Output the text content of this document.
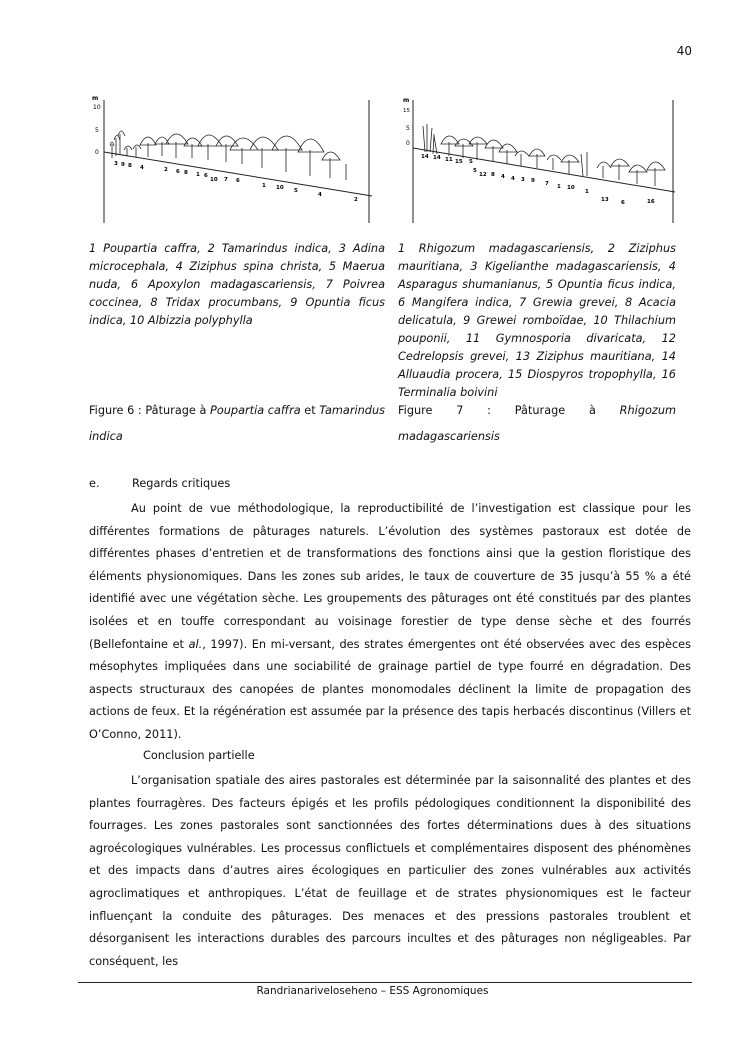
40
m
10
5
0
3 9 8 4	2 6 8 1 6
10 7 6
1 10 5
4
2
m
15
5
0
14 14 11 15 5
5
12 8 4 4 3 9 7 1 10
1
13 6	16
1 Poupartia caffra, 2 Tamarindus indica, 3 Adina microcephala, 4 Ziziphus spina christa, 5 Maerua nuda, 6 Apoxylon madagascariensis, 7 Poivrea coccinea, 8 Tridax procumbans, 9 Opuntia ficus indica, 10 Albizzia polyphylla
1 Rhigozum madagascariensis, 2 Ziziphus mauritiana, 3 Kigelianthe madagascariensis, 4 Asparagus shumanianus, 5 Opuntia ficus indica, 6 Mangifera indica, 7 Grewia grevei, 8 Acacia delicatula, 9 Grewei romboïdae, 10 Thilachium pouponii, 11 Gymnosporia divaricata, 12 Cedrelopsis grevei, 13 Ziziphus mauritiana, 14 Alluaudia procera, 15 Diospyros tropophylla, 16 Terminalia boivini
Figure 6 : Pâturage à Poupartia caffra et Tamarindus indica
Figure 7 : Pâturage à Rhigozum madagascariensis
e.	Regards critiques

Au point de vue méthodologique, la reproductibilité de l’investigation est classique pour les différentes formations de pâturages naturels. L’évolution des systèmes pastoraux est dotée de différentes phases d’entretien et de transformations des fonctions ainsi que la gestion floristique des éléments physionomiques. Dans les zones sub arides, le taux de couverture de 35 jusqu’à 55 % a été identifié avec une végétation sèche. Les groupements des pâturages ont été constitués par des plantes isolées et en touffe correspondant au voisinage forestier de type dense sèche et des fourrés (Bellefontaine et al., 1997). En mi-versant, des strates émergentes ont été observées avec des espèces mésophytes impliquées dans une sociabilité de grainage partiel de type fourré en dégradation. Des aspects structuraux des canopées de plantes monomodales déclinent la limite de propagation des actions de feux. Et la régénération est assumée par la présence des tapis herbacés discontinus (Villers et O’Conno, 2011).

Conclusion partielle

L’organisation spatiale des aires pastorales est déterminée par la saisonnalité des plantes et des plantes fourragères. Des facteurs épigés et les profils pédologiques conditionnent la disponibilité des fourrages. Les zones pastorales sont sanctionnées des fortes déterminations dues à des situations agroécologiques vulnérables. Les processus conflictuels et complémentaires disposent des phénomènes et des impacts dans d’autres aires écologiques en particulier des zones vulnérables aux activités agroclimatiques et anthropiques. L’état de feuillage et de strates physionomiques est le facteur influençant la conduite des pâturages. Des menaces et des pressions pastorales troublent et désorganisent les interactions durables des parcours incultes et des pâturages non négligeables. Par conséquent, les

Randrianariveloseheno – ESS Agronomiques
